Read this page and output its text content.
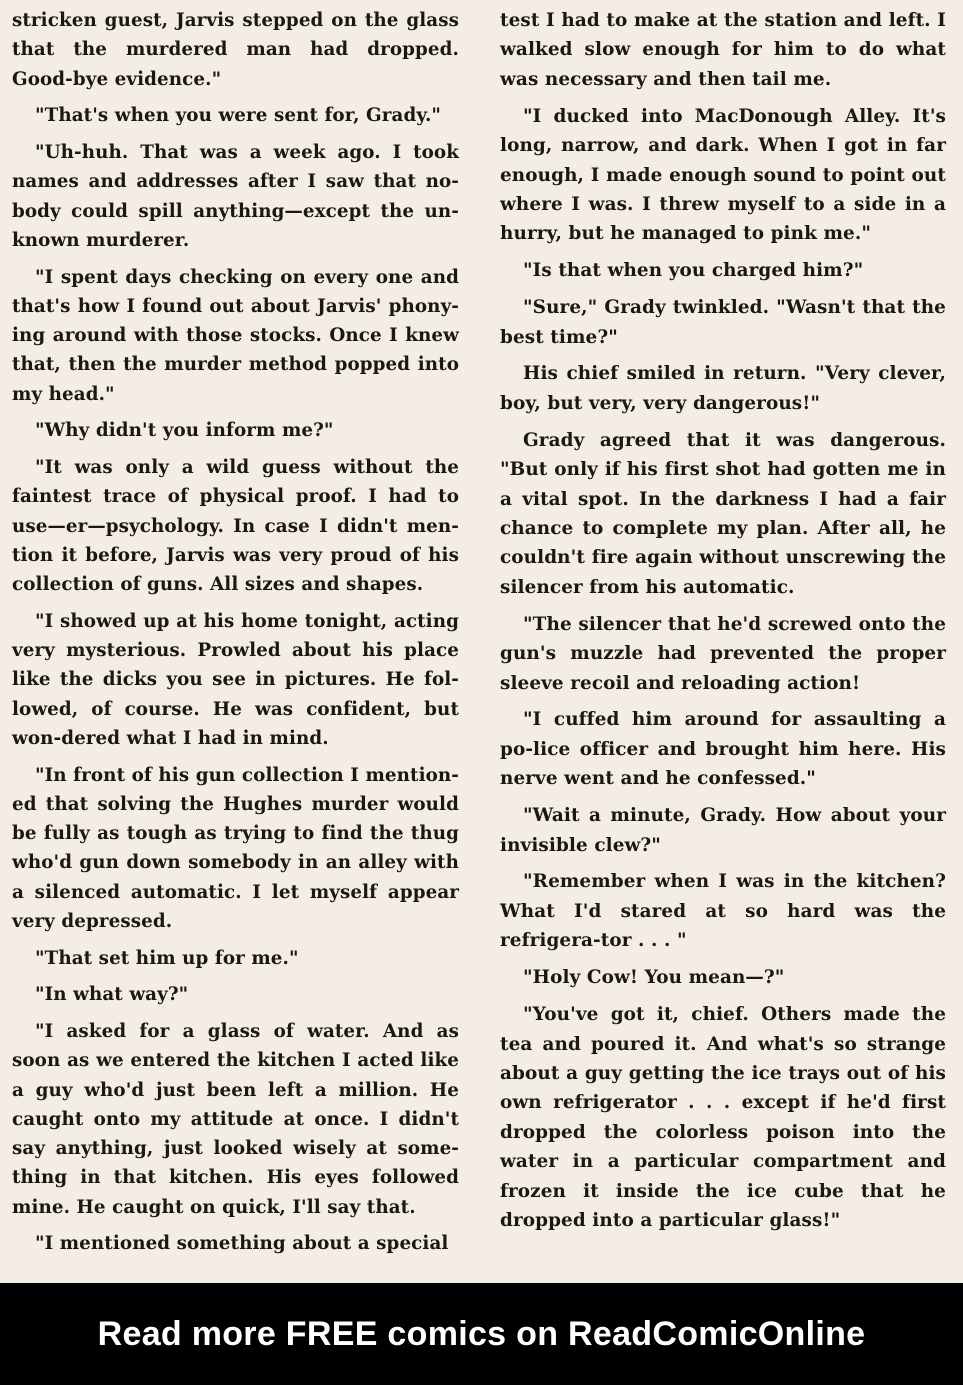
stricken guest, Jarvis stepped on the glass that the murdered man had dropped. Good-bye evidence."

"That's when you were sent for, Grady."

"Uh-huh. That was a week ago. I took names and addresses after I saw that no-body could spill anything—except the un-known murderer.

"I spent days checking on every one and that's how I found out about Jarvis' phony-ing around with those stocks. Once I knew that, then the murder method popped into my head."

"Why didn't you inform me?"

"It was only a wild guess without the faintest trace of physical proof. I had to use—er—psychology. In case I didn't men-tion it before, Jarvis was very proud of his collection of guns. All sizes and shapes.

"I showed up at his home tonight, acting very mysterious. Prowled about his place like the dicks you see in pictures. He fol-lowed, of course. He was confident, but won-dered what I had in mind.

"In front of his gun collection I mention-ed that solving the Hughes murder would be fully as tough as trying to find the thug who'd gun down somebody in an alley with a silenced automatic. I let myself appear very depressed.

"That set him up for me."

"In what way?"

"I asked for a glass of water. And as soon as we entered the kitchen I acted like a guy who'd just been left a million. He caught onto my attitude at once. I didn't say anything, just looked wisely at some-thing in that kitchen. His eyes followed mine. He caught on quick, I'll say that.

"I mentioned something about a special

test I had to make at the station and left. I walked slow enough for him to do what was necessary and then tail me.

"I ducked into MacDonough Alley. It's long, narrow, and dark. When I got in far enough, I made enough sound to point out where I was. I threw myself to a side in a hurry, but he managed to pink me."

"Is that when you charged him?"

"Sure," Grady twinkled. "Wasn't that the best time?"

His chief smiled in return. "Very clever, boy, but very, very dangerous!"

Grady agreed that it was dangerous. "But only if his first shot had gotten me in a vital spot. In the darkness I had a fair chance to complete my plan. After all, he couldn't fire again without unscrewing the silencer from his automatic.

"The silencer that he'd screwed onto the gun's muzzle had prevented the proper sleeve recoil and reloading action!

"I cuffed him around for assaulting a po-lice officer and brought him here. His nerve went and he confessed."

"Wait a minute, Grady. How about your invisible clew?"

"Remember when I was in the kitchen? What I'd stared at so hard was the refrigera-tor . . . "

"Holy Cow! You mean—?"

"You've got it, chief. Others made the tea and poured it. And what's so strange about a guy getting the ice trays out of his own refrigerator . . . except if he'd first dropped the colorless poison into the water in a particular compartment and frozen it inside the ice cube that he dropped into a particular glass!"

Read more FREE comics on ReadComicOnline
